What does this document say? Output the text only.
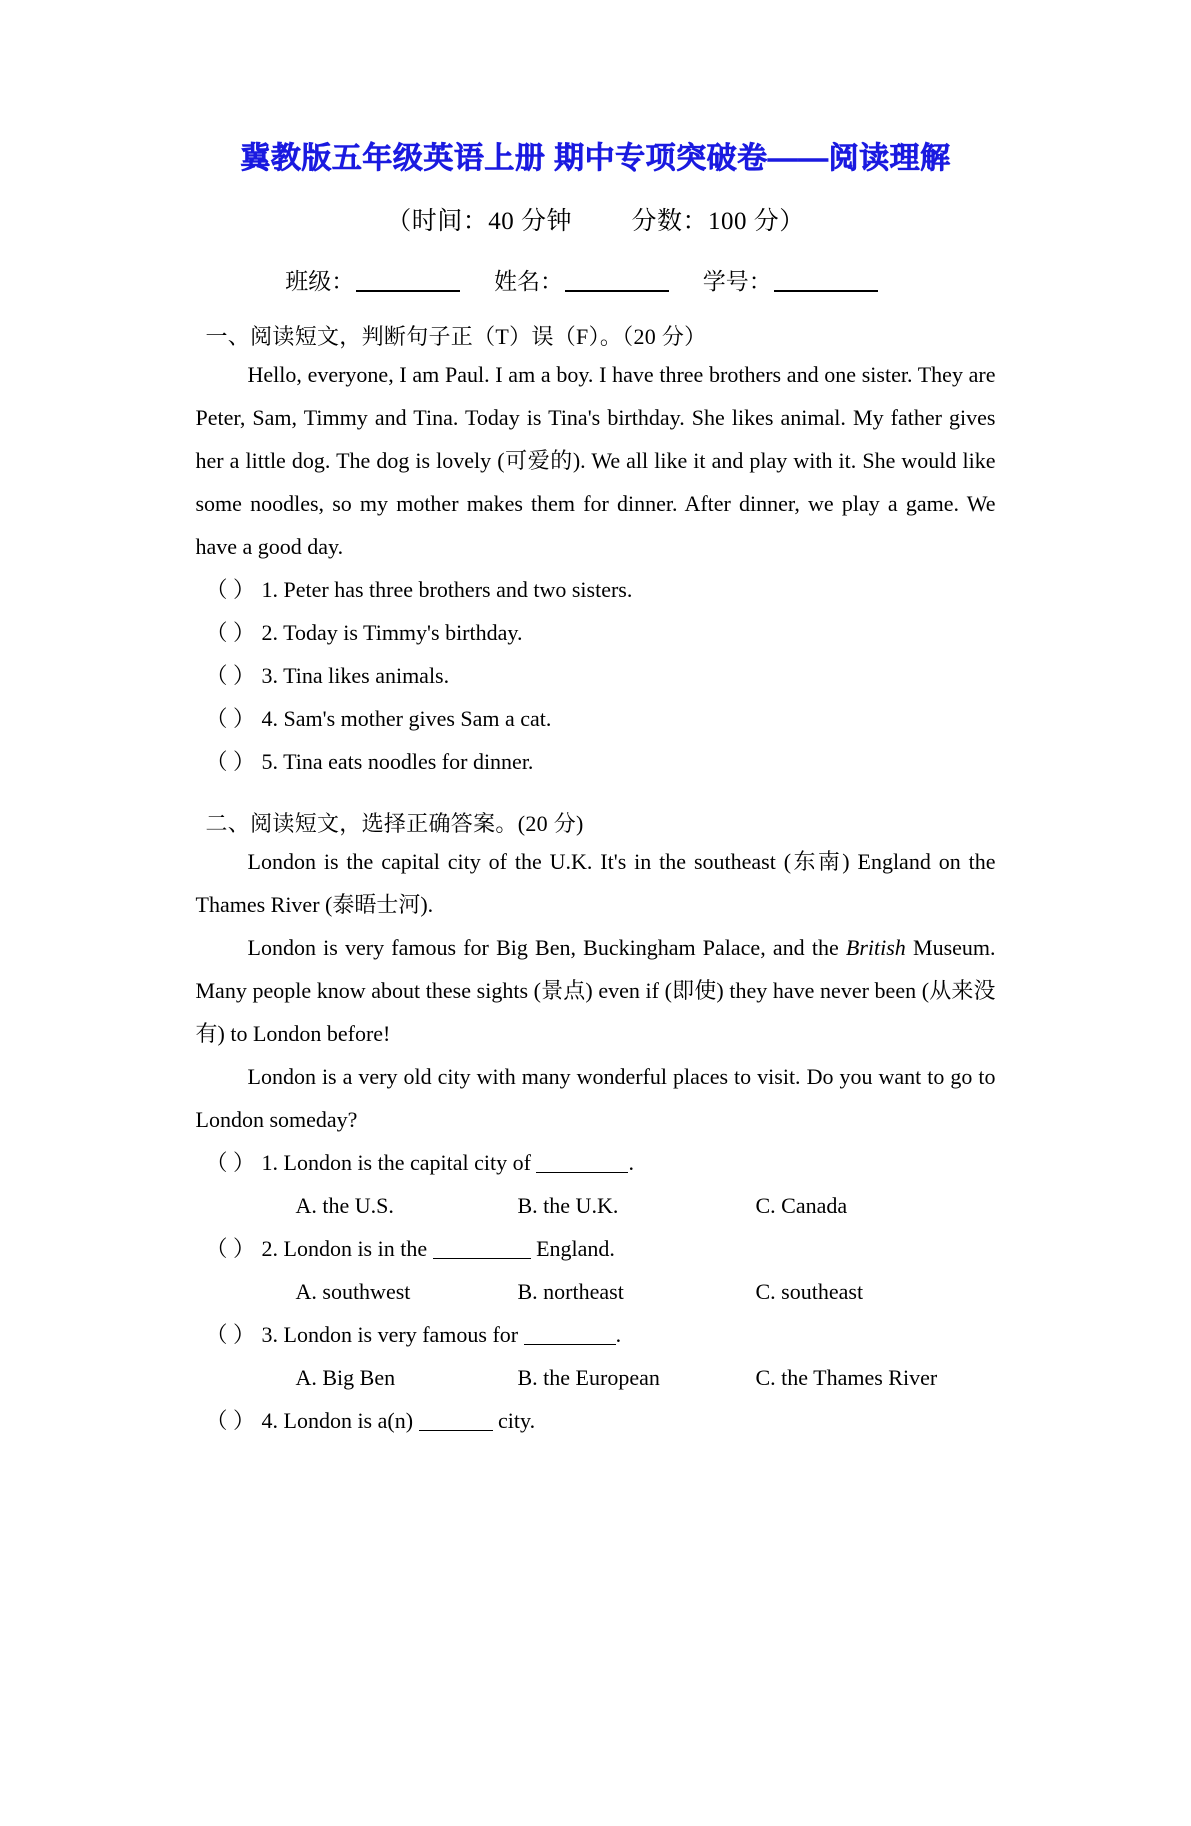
冀教版五年级英语上册 期中专项突破卷——阅读理解
（时间：40 分钟 分数：100 分）
班级：	姓名：	学号：
一、阅读短文，判断句子正（T）误（F）。（20 分）

Hello, everyone, I am Paul. I am a boy. I have three brothers and one sister. They are Peter, Sam, Timmy and Tina. Today is Tina's birthday. She likes animal. My father gives her a little dog. The dog is lovely (可爱的). We all like it and play with it. She would like some noodles, so my mother makes them for dinner. After dinner, we play a game. We have a good day.

（ ） 1. Peter has three brothers and two sisters.

（ ） 2. Today is Timmy's birthday.

（ ） 3. Tina likes animals.

（ ） 4. Sam's mother gives Sam a cat.

（ ） 5. Tina eats noodles for dinner.

二、阅读短文，选择正确答案。(20 分)

London is the capital city of the U.K. It's in the southeast (东南) England on the Thames River (泰晤士河).

London is very famous for Big Ben, Buckingham Palace, and the British Museum. Many people know about these sights (景点) even if (即使) they have never been (从来没有) to London before!

London is a very old city with many wonderful places to visit. Do you want to go to London someday?

（ ） 1. London is the capital city of	.

A. the U.S.	B. the U.K.	C. Canada

（ ） 2. London is in the	England.

A. southwest	B. northeast	C. southeast

（ ） 3. London is very famous for	.

A. Big Ben	B. the European	C. the Thames River

（ ） 4. London is a(n)	city.
